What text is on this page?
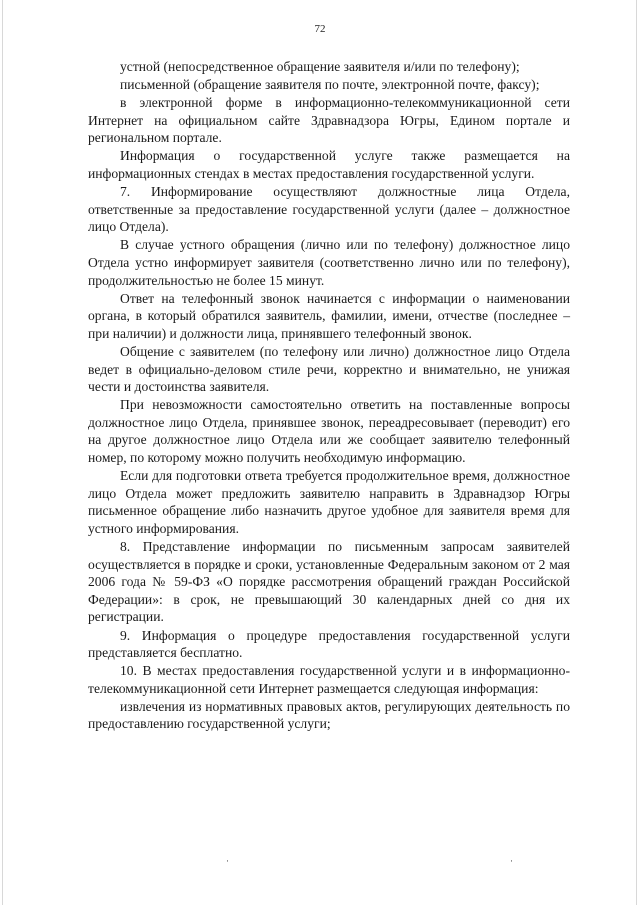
72

устной (непосредственное обращение заявителя и/или по телефону);

письменной (обращение заявителя по почте, электронной почте, факсу);

в электронной форме в информационно-телекоммуникационной сети Интернет на официальном сайте Здравнадзора Югры, Едином портале и региональном портале.

Информация о государственной услуге также размещается на информационных стендах в местах предоставления государственной услуги.

7. Информирование осуществляют должностные лица Отдела, ответственные за предоставление государственной услуги (далее – должностное лицо Отдела).

В случае устного обращения (лично или по телефону) должностное лицо Отдела устно информирует заявителя (соответственно лично или по телефону), продолжительностью не более 15 минут.

Ответ на телефонный звонок начинается с информации о наименовании органа, в который обратился заявитель, фамилии, имени, отчестве (последнее – при наличии) и должности лица, принявшего телефонный звонок.

Общение с заявителем (по телефону или лично) должностное лицо Отдела ведет в официально-деловом стиле речи, корректно и внимательно, не унижая чести и достоинства заявителя.

При невозможности самостоятельно ответить на поставленные вопросы должностное лицо Отдела, принявшее звонок, переадресовывает (переводит) его на другое должностное лицо Отдела или же сообщает заявителю телефонный номер, по которому можно получить необходимую информацию.

Если для подготовки ответа требуется продолжительное время, должностное лицо Отдела может предложить заявителю направить в Здравнадзор Югры письменное обращение либо назначить другое удобное для заявителя время для устного информирования.

8. Представление информации по письменным запросам заявителей осуществляется в порядке и сроки, установленные Федеральным законом от 2 мая 2006 года № 59-ФЗ «О порядке рассмотрения обращений граждан Российской Федерации»: в срок, не превышающий 30 календарных дней со дня их регистрации.

9. Информация о процедуре предоставления государственной услуги представляется бесплатно.

10. В местах предоставления государственной услуги и в информационно-телекоммуникационной сети Интернет размещается следующая информация:

извлечения из нормативных правовых актов, регулирующих деятельность по предоставлению государственной услуги;

·	·
